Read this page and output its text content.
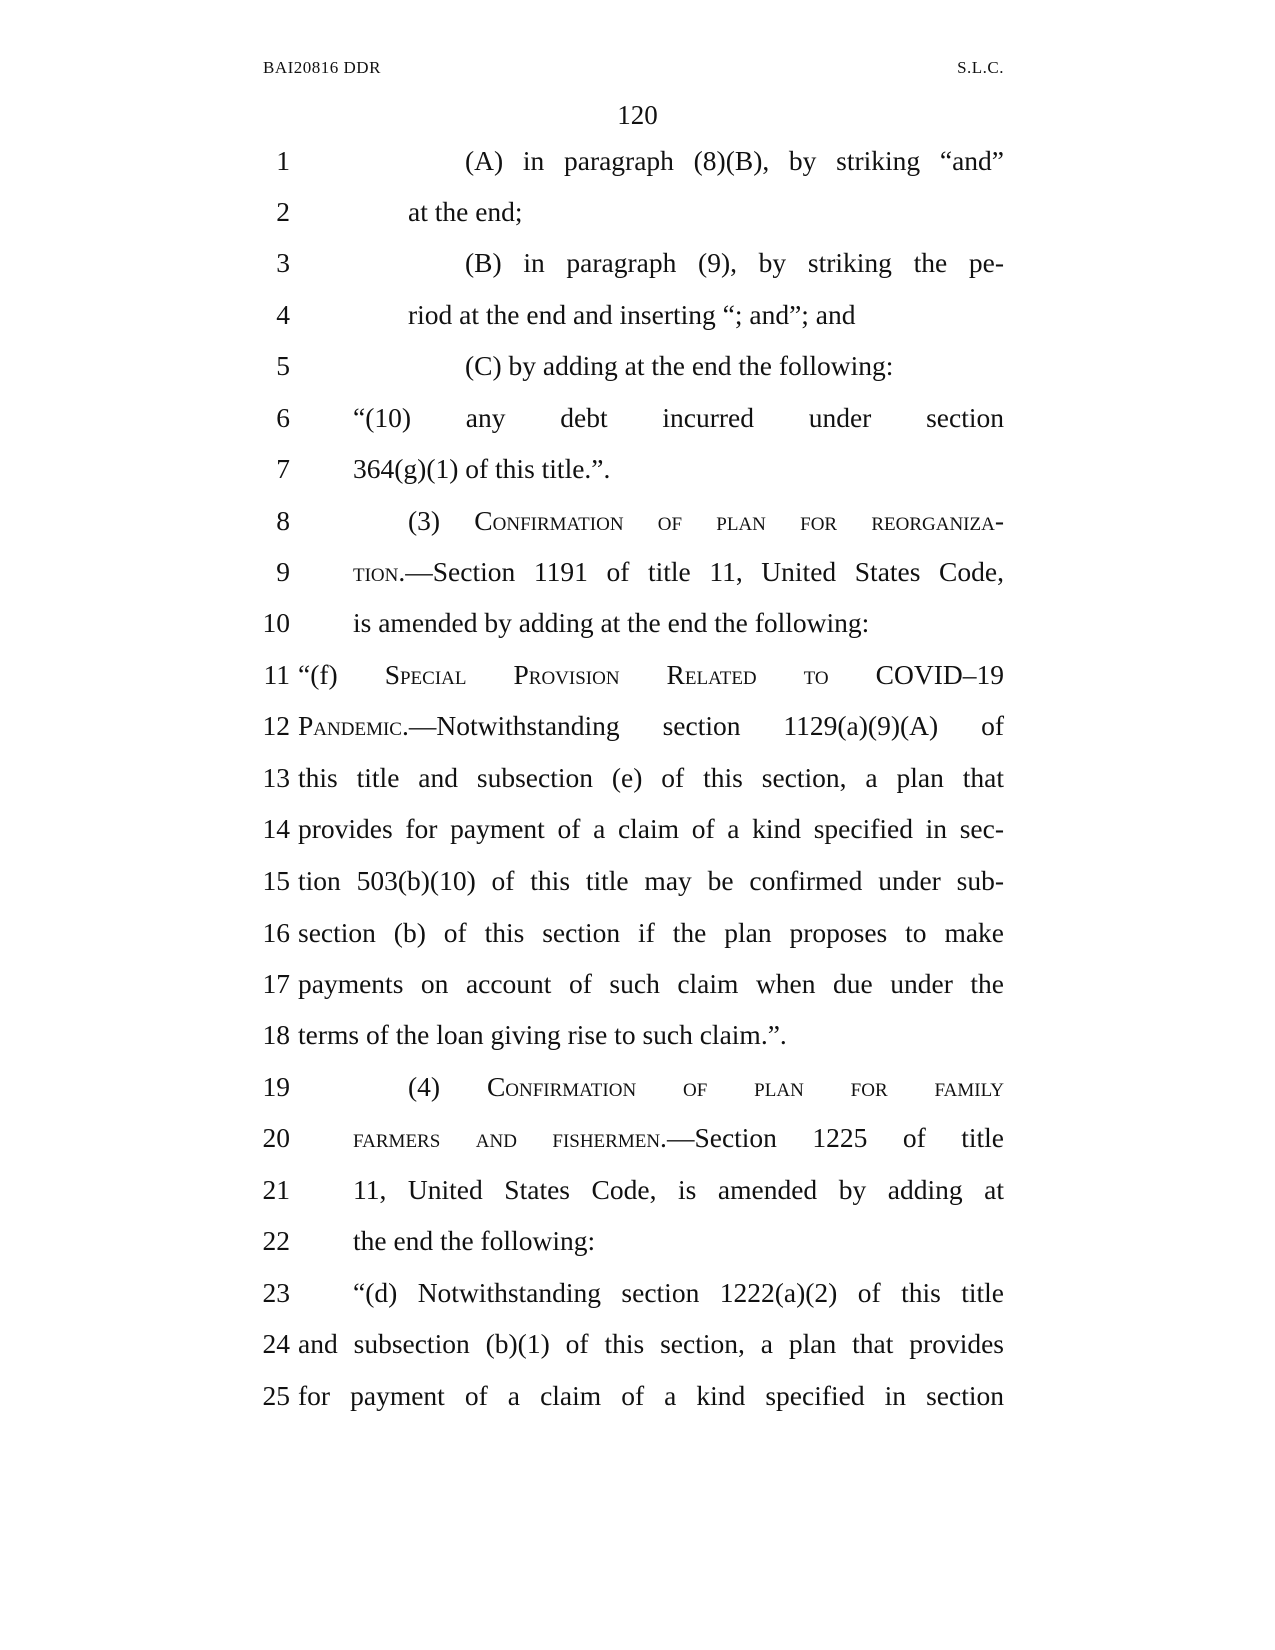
BAI20816 DDR	S.L.C.
120
1	(A) in paragraph (8)(B), by striking “and”
2	at the end;
3	(B) in paragraph (9), by striking the pe-
4	riod at the end and inserting “; and”; and
5	(C) by adding at the end the following:
6 “(10) any debt incurred under section
7 364(g)(1) of this title.”.
8	(3) Confirmation of plan for reorganiza-
9 tion.—Section 1191 of title 11, United States Code,
10 is amended by adding at the end the following:
11 “(f) Special Provision Related to COVID–19
12 Pandemic.—Notwithstanding section 1129(a)(9)(A) of
13 this title and subsection (e) of this section, a plan that
14 provides for payment of a claim of a kind specified in sec-
15 tion 503(b)(10) of this title may be confirmed under sub-
16 section (b) of this section if the plan proposes to make
17 payments on account of such claim when due under the
18 terms of the loan giving rise to such claim.”.
19	(4) Confirmation of plan for family
20 farmers and fishermen.—Section 1225 of title
21 11, United States Code, is amended by adding at
22 the end the following:
23 “(d) Notwithstanding section 1222(a)(2) of this title
24 and subsection (b)(1) of this section, a plan that provides
25 for payment of a claim of a kind specified in section
